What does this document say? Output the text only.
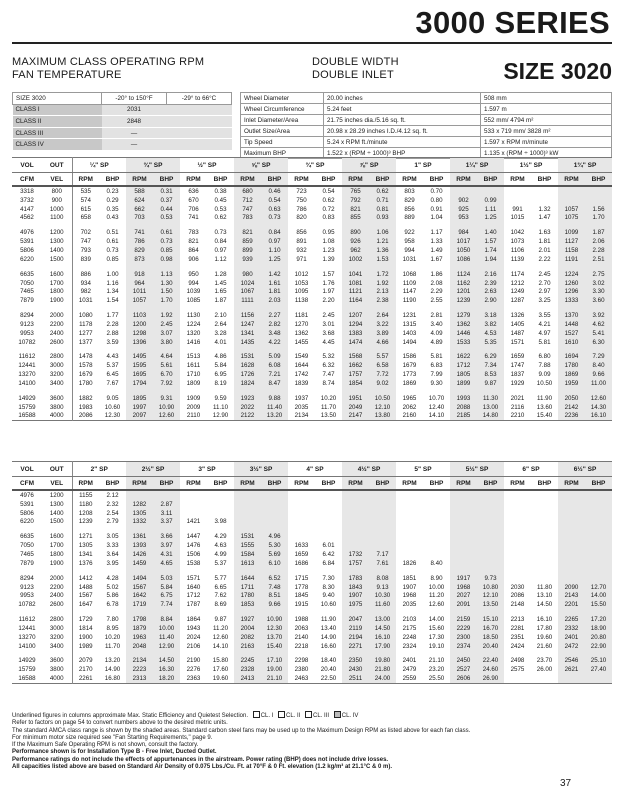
3000 SERIES
MAXIMUM CLASS OPERATING RPM
FAN TEMPERATURE
DOUBLE WIDTH
DOUBLE INLET	SIZE 3020
SIZE 3020	-20° to 150°F	-29° to 66°C
CLASS I	2031	
CLASS II	2848	
CLASS III	—	
CLASS IV	—	
Wheel Diameter	20.00 inches	508 mm
Wheel Circumference	5.24 feet	1.597 m
Inlet Diameter/Area	21.75 inches dia./5.16 sq. ft.	552 mm/ 4794 m²
Outlet Size/Area	20.98 x 28.29 inches I.D./4.12 sq. ft.	533 x 719 mm/ 3828 m²
Tip Speed	5.24 x RPM ft./minute	1.597 x RPM m/minute
Maximum BHP	1.522 x (RPM ÷ 1000)³ BHP	1.135 x (RPM ÷ 1000)³ kW
VOL	OUT	¼" SP		¾" SP		½" SP		⅝" SP		¾" SP		⅞" SP		1" SP		1¼" SP		1½" SP		1¾" SP	
CFM	VEL	RPM	BHP	RPM	BHP	RPM	BHP	RPM	BHP	RPM	BHP	RPM	BHP	RPM	BHP	RPM	BHP	RPM	BHP	RPM	BHP
3318	800	535	0.23	588	0.31	636	0.38	680	0.46	723	0.54	765	0.62	803	0.70						
3732	900	574	0.29	624	0.37	670	0.45	712	0.54	750	0.62	792	0.71	829	0.80	902	0.99				
4147	1000	615	0.35	662	0.44	706	0.53	747	0.63	786	0.72	821	0.81	856	0.91	925	1.11	991	1.32	1057	1.56
4562	1100	658	0.43	703	0.53	741	0.62	783	0.73	820	0.83	855	0.93	889	1.04	953	1.25	1015	1.47	1075	1.70

4976	1200	702	0.51	741	0.61	783	0.73	821	0.84	856	0.95	890	1.06	922	1.17	984	1.40	1042	1.63	1099	1.87
5391	1300	747	0.61	786	0.73	821	0.84	859	0.97	891	1.08	926	1.21	958	1.33	1017	1.57	1073	1.81	1127	2.06
5806	1400	793	0.73	829	0.85	864	0.97	899	1.10	932	1.23	962	1.36	994	1.49	1050	1.74	1106	2.01	1158	2.28
6220	1500	839	0.85	873	0.98	906	1.12	939	1.25	971	1.39	1002	1.53	1031	1.67	1086	1.94	1139	2.22	1191	2.51

6635	1600	886	1.00	918	1.13	950	1.28	980	1.42	1012	1.57	1041	1.72	1068	1.86	1124	2.16	1174	2.45	1224	2.75
7050	1700	934	1.16	964	1.30	994	1.45	1024	1.61	1053	1.76	1081	1.92	1109	2.08	1162	2.39	1212	2.70	1260	3.02
7465	1800	982	1.34	1011	1.50	1039	1.65	1067	1.81	1095	1.97	1121	2.13	1147	2.29	1201	2.63	1249	2.97	1296	3.30
7879	1900	1031	1.54	1057	1.70	1085	1.87	1111	2.03	1138	2.20	1164	2.38	1190	2.55	1239	2.90	1287	3.25	1333	3.60

8294	2000	1080	1.77	1103	1.92	1130	2.10	1156	2.27	1181	2.45	1207	2.64	1231	2.81	1279	3.18	1326	3.55	1370	3.92
9123	2200	1178	2.28	1200	2.45	1224	2.64	1247	2.82	1270	3.01	1294	3.22	1315	3.40	1362	3.82	1405	4.21	1448	4.62
9953	2400	1277	2.88	1298	3.07	1320	3.28	1341	3.48	1362	3.68	1383	3.89	1403	4.09	1446	4.53	1487	4.97	1527	5.41
10782	2600	1377	3.59	1396	3.80	1416	4.01	1435	4.22	1455	4.45	1474	4.66	1494	4.89	1533	5.35	1571	5.81	1610	6.30

11612	2800	1478	4.43	1495	4.64	1513	4.86	1531	5.09	1549	5.32	1568	5.57	1586	5.81	1622	6.29	1659	6.80	1694	7.29
12441	3000	1578	5.37	1595	5.61	1611	5.84	1628	6.08	1644	6.32	1662	6.58	1679	6.83	1712	7.34	1747	7.88	1780	8.40
13270	3200	1679	6.45	1695	6.70	1710	6.95	1726	7.21	1742	7.47	1757	7.72	1773	7.99	1805	8.53	1837	9.09	1869	9.66
14100	3400	1780	7.67	1794	7.92	1809	8.19	1824	8.47	1839	8.74	1854	9.02	1869	9.30	1899	9.87	1929	10.50	1959	11.00

14929	3600	1882	9.05	1895	9.31	1909	9.59	1923	9.88	1937	10.20	1951	10.50	1965	10.70	1993	11.30	2021	11.90	2050	12.60
15759	3800	1983	10.60	1997	10.90	2009	11.10	2022	11.40	2035	11.70	2049	12.10	2062	12.40	2088	13.00	2116	13.60	2142	14.30
16588	4000	2086	12.30	2097	12.60	2110	12.90	2122	13.20	2134	13.50	2147	13.80	2160	14.10	2185	14.80	2210	15.40	2236	16.10
VOL	OUT	2" SP		2½" SP		3" SP		3½" SP		4" SP		4½" SP		5" SP		5½" SP		6" SP		6½" SP	
CFM	VEL	RPM	BHP	RPM	BHP	RPM	BHP	RPM	BHP	RPM	BHP	RPM	BHP	RPM	BHP	RPM	BHP	RPM	BHP	RPM	BHP
4976	1200	1155	2.12																		
5391	1300	1180	2.32	1282	2.87																
5806	1400	1208	2.54	1305	3.11																
6220	1500	1239	2.79	1332	3.37	1421	3.98														

6635	1600	1271	3.05	1361	3.66	1447	4.29	1531	4.96												
7050	1700	1305	3.33	1393	3.97	1476	4.63	1555	5.30	1633	6.01										
7465	1800	1341	3.64	1426	4.31	1506	4.99	1584	5.69	1659	6.42	1732	7.17								
7879	1900	1376	3.95	1459	4.65	1538	5.37	1613	6.10	1686	6.84	1757	7.61	1826	8.40						

8294	2000	1412	4.28	1494	5.03	1571	5.77	1644	6.52	1715	7.30	1783	8.08	1851	8.90	1917	9.73				
9123	2200	1488	5.02	1567	5.84	1640	6.65	1711	7.48	1778	8.30	1843	9.13	1907	10.00	1968	10.80	2030	11.80	2090	12.70
9953	2400	1567	5.86	1642	6.75	1712	7.62	1780	8.51	1845	9.40	1907	10.30	1968	11.20	2027	12.10	2086	13.10	2143	14.00
10782	2600	1647	6.78	1719	7.74	1787	8.69	1853	9.66	1915	10.60	1975	11.60	2035	12.60	2091	13.50	2148	14.50	2201	15.50

11612	2800	1729	7.80	1798	8.84	1864	9.87	1927	10.90	1988	11.90	2047	13.00	2103	14.00	2159	15.10	2213	16.10	2265	17.20
12441	3000	1814	8.95	1879	10.00	1943	11.20	2004	12.30	2063	13.40	2119	14.50	2175	15.60	2229	16.70	2281	17.80	2332	18.90
13270	3200	1900	10.20	1963	11.40	2024	12.60	2082	13.70	2140	14.90	2194	16.10	2248	17.30	2300	18.50	2351	19.60	2401	20.80
14100	3400	1989	11.70	2048	12.90	2106	14.10	2163	15.40	2218	16.60	2271	17.90	2324	19.10	2374	20.40	2424	21.60	2472	22.90

14929	3600	2079	13.20	2134	14.50	2190	15.80	2245	17.10	2298	18.40	2350	19.80	2401	21.10	2450	22.40	2498	23.70	2546	25.10
15759	3800	2170	14.90	2223	16.30	2276	17.60	2328	19.00	2380	20.40	2430	21.80	2479	23.20	2527	24.60	2575	26.00	2621	27.40
16588	4000	2261	16.80	2313	18.20	2363	19.60	2413	21.10	2463	22.50	2511	24.00	2559	25.50	2606	26.90				

Underlined figures in columns approximate Max. Static Efficiency and Quietest Selection. CL. I CL. II CL. III CL. IV

Refer to factors on page 54 to convert numbers above to the desired metric units.

The standard AMCA class range is shown by the shaded areas. Standard carbon steel fans may be used up to the Maximum Design RPM as listed above for each fan class.

For minimum motor size required see "Fan Starting Requirements," page 9.

If the Maximum Safe Operating RPM is not shown, consult the factory.

Performance shown is for Installation Type B - Free Inlet, Ducted Outlet.

Performance ratings do not include the effects of appurtenances in the airstream. Power rating (BHP) does not include drive losses.

All capacities listed above are based on Standard Air Density of 0.075 Lbs./Cu. Ft. at 70°F & 0 Ft. elevation (1.2 kg/m³ at 21.1°C & 0 m).

37
